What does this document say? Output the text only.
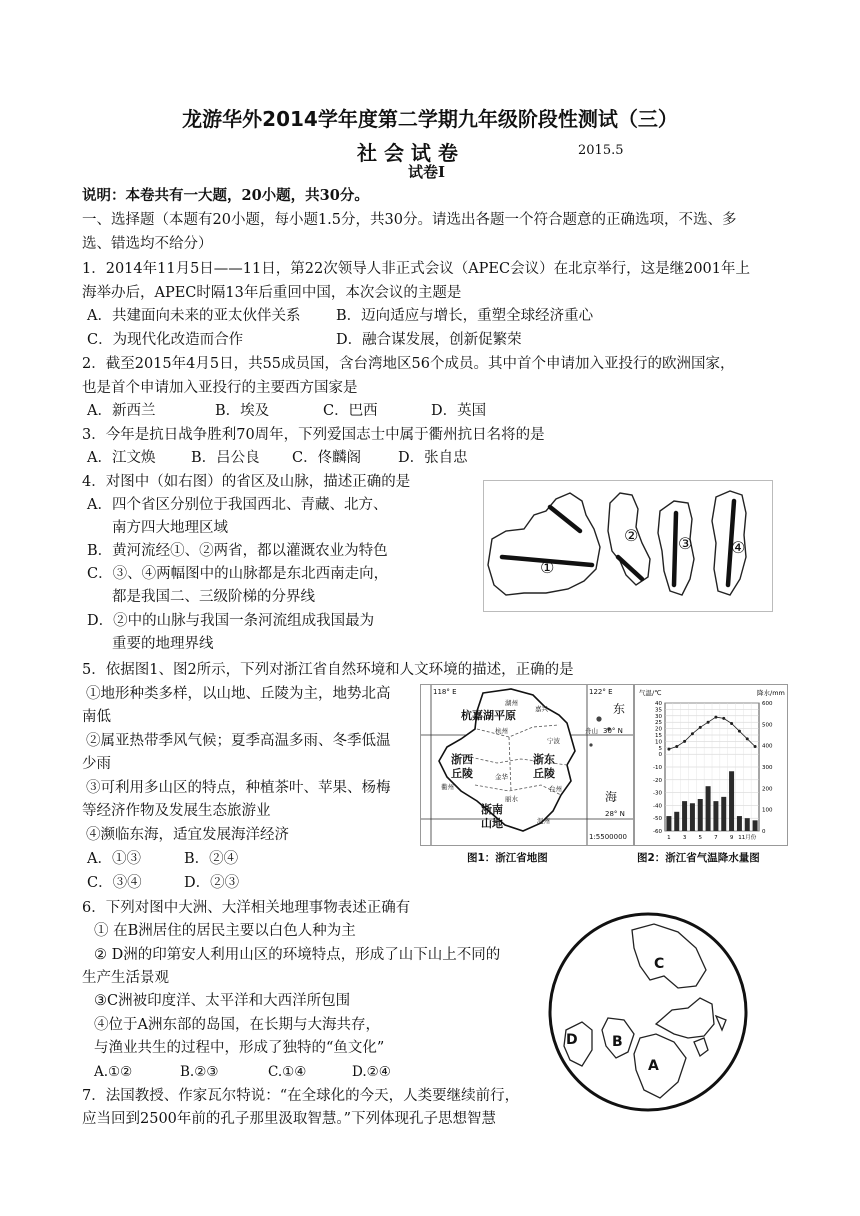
龙游华外2014学年度第二学期九年级阶段性测试（三）
社 会 试 卷	2015.5
试卷Ⅰ
说明：本卷共有一大题，20小题，共30分。
一、选择题（本题有20小题，每小题1.5分，共30分。请选出各题一个符合题意的正确选项，不选、多
选、错选均不给分）
1．2014年11月5日——11日，第22次领导人非正式会议（APEC会议）在北京举行，这是继2001年上
海举办后，APEC时隔13年后重回中国，本次会议的主题是
A．共建面向未来的亚太伙伴关系 B．迈向适应与增长，重塑全球经济重心
C．为现代化改造而合作	D．融合谋发展，创新促繁荣
2．截至2015年4月5日，共55成员国，含台湾地区56个成员。其中首个申请加入亚投行的欧洲国家，
也是首个申请加入亚投行的主要西方国家是
A．新西兰	B．埃及	C．巴西	D．英国
3．今年是抗日战争胜利70周年，下列爱国志士中属于衢州抗日名将的是
A．江文焕 B．吕公良 C．佟麟阁	D．张自忠
4．对图中（如右图）的省区及山脉，描述正确的是
A．四个省区分别位于我国西北、青藏、北方、
南方四大地理区域
B．黄河流经①、②两省，都以灌溉农业为特色
C．③、④两幅图中的山脉都是东北西南走向，
都是我国二、三级阶梯的分界线
D．②中的山脉与我国一条河流组成我国最为
重要的地理界线
①
② ③ ④
5．依据图1、图2所示，下列对浙江省自然环境和人文环境的描述，正确的是
①地形种类多样，以山地、丘陵为主，地势北高
南低
②属亚热带季风气候；夏季高温多雨、冬季低温
少雨
③可利用多山区的特点，种植茶叶、苹果、杨梅
等经济作物及发展生态旅游业
④濒临东海，适宜发展海洋经济
A．①③	B．②④
C．③④	D．②③
118° E	122° E
30° N
28° N
杭嘉湖平原
浙西
丘陵
浙东
丘陵
浙南
山地
东
海
1:5500000
湖州
嘉兴
杭州
宁波
舟山
衢州
金华
台州
丽水
温州
图1：浙江省地图
气温/℃	降水/mm
40
35
30
25
20
15
10
5
0
-10
-20
-30
-40
-50
-60
600
500
400
300
200
100
0
1 3 5 7 9 11月份
图2：浙江省气温降水量图
6．下列对图中大洲、大洋相关地理事物表述正确有
① 在B洲居住的居民主要以白色人种为主
② D洲的印第安人利用山区的环境特点，形成了山下山上不同的
生产生活景观
③C洲被印度洋、太平洋和大西洋所包围
④位于A洲东部的岛国，在长期与大海共存，
与渔业共生的过程中，形成了独特的“鱼文化”
A.①②	B.②③	C.①④	D.②④
C
B
A
D
7．法国教授、作家瓦尔特说：“在全球化的今天，人类要继续前行，
应当回到2500年前的孔子那里汲取智慧。”下列体现孔子思想智慧
